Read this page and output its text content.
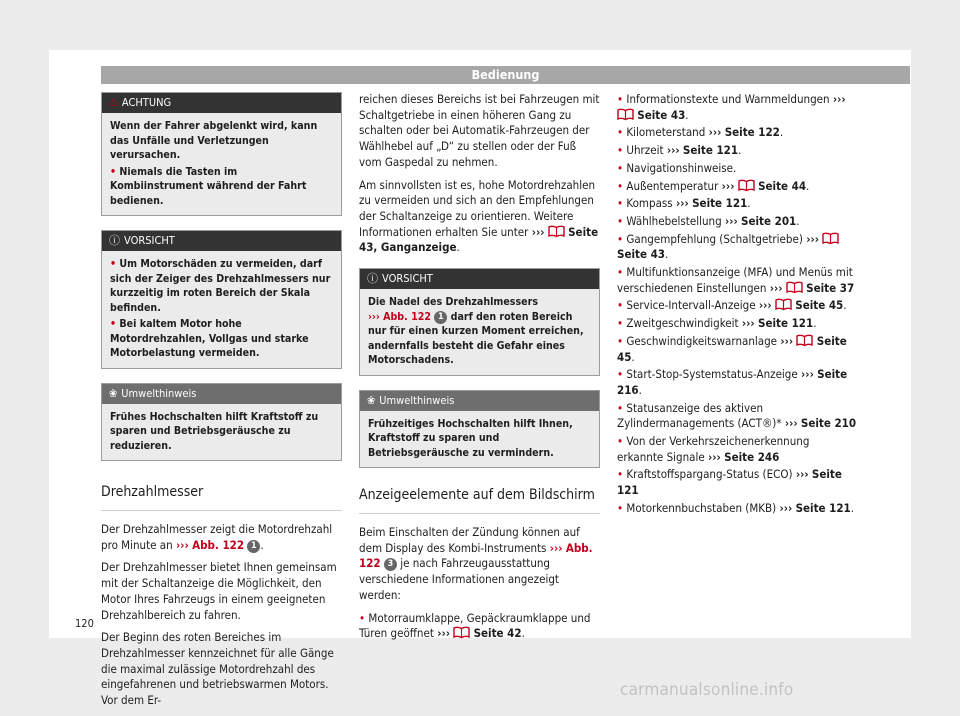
Bedienung
⚠ ACHTUNG

Wenn der Fahrer abgelenkt wird, kann das Unfälle und Verletzungen verursachen.

• Niemals die Tasten im Kombiinstrument während der Fahrt bedienen.

ⓘ VORSICHT

• Um Motorschäden zu vermeiden, darf sich der Zeiger des Drehzahlmessers nur kurzzeitig im roten Bereich der Skala befinden.

• Bei kaltem Motor hohe Motordrehzahlen, Vollgas und starke Motorbelastung vermeiden.

❀ Umwelthinweis

Frühes Hochschalten hilft Kraftstoff zu sparen und Betriebsgeräusche zu reduzieren.

Drehzahlmesser

Der Drehzahlmesser zeigt die Motordrehzahl pro Minute an ››› Abb. 122 1 .

Der Drehzahlmesser bietet Ihnen gemeinsam mit der Schaltanzeige die Möglichkeit, den Motor Ihres Fahrzeugs in einem geeigneten Drehzahlbereich zu fahren.

Der Beginn des roten Bereiches im Drehzahlmesser kennzeichnet für alle Gänge die maximal zulässige Motordrehzahl des eingefahrenen und betriebswarmen Motors. Vor dem Er-

reichen dieses Bereichs ist bei Fahrzeugen mit Schaltgetriebe in einen höheren Gang zu schalten oder bei Automatik-Fahrzeugen der Wählhebel auf „D“ zu stellen oder der Fuß vom Gaspedal zu nehmen.

Am sinnvollsten ist es, hohe Motordrehzahlen zu vermeiden und sich an den Empfehlungen der Schaltanzeige zu orientieren. Weitere Informationen erhalten Sie unter ››› Seite 43, Ganganzeige.

ⓘ VORSICHT

Die Nadel des Drehzahlmessers
››› Abb. 122 1 darf den roten Bereich nur für einen kurzen Moment erreichen, andernfalls besteht die Gefahr eines Motorschadens.

❀ Umwelthinweis

Frühzeitiges Hochschalten hilft Ihnen, Kraftstoff zu sparen und Betriebsgeräusche zu vermindern.

Anzeigeelemente auf dem Bildschirm

Beim Einschalten der Zündung können auf dem Display des Kombi-Instruments ››› Abb. 122 3 je nach Fahrzeugausstattung verschiedene Informationen angezeigt werden:

• Motorraumklappe, Gepäckraumklappe und Türen geöffnet ››› Seite 42.
• Informationstexte und Warnmeldungen ›››  Seite 43.
• Kilometerstand ››› Seite 122.
• Uhrzeit ››› Seite 121.
• Navigationshinweise.
• Außentemperatur ››› Seite 44.
• Kompass ››› Seite 121.
• Wählhebelstellung ››› Seite 201.
• Gangempfehlung (Schaltgetriebe) ›››  Seite 43.
• Multifunktionsanzeige (MFA) und Menüs mit verschiedenen Einstellungen ››› Seite 37
• Service-Intervall-Anzeige ››› Seite 45.
• Zweitgeschwindigkeit ››› Seite 121.
• Geschwindigkeitswarnanlage ››› Seite 45.
• Start-Stop-Systemstatus-Anzeige ››› Seite 216.
• Statusanzeige des aktiven Zylindermanagements (ACT®)* ››› Seite 210
• Von der Verkehrszeichenerkennung erkannte Signale ››› Seite 246
• Kraftstoffspargang-Status (ECO) ››› Seite 121
• Motorkennbuchstaben (MKB) ››› Seite 121.
120
carmanualsonline.info
